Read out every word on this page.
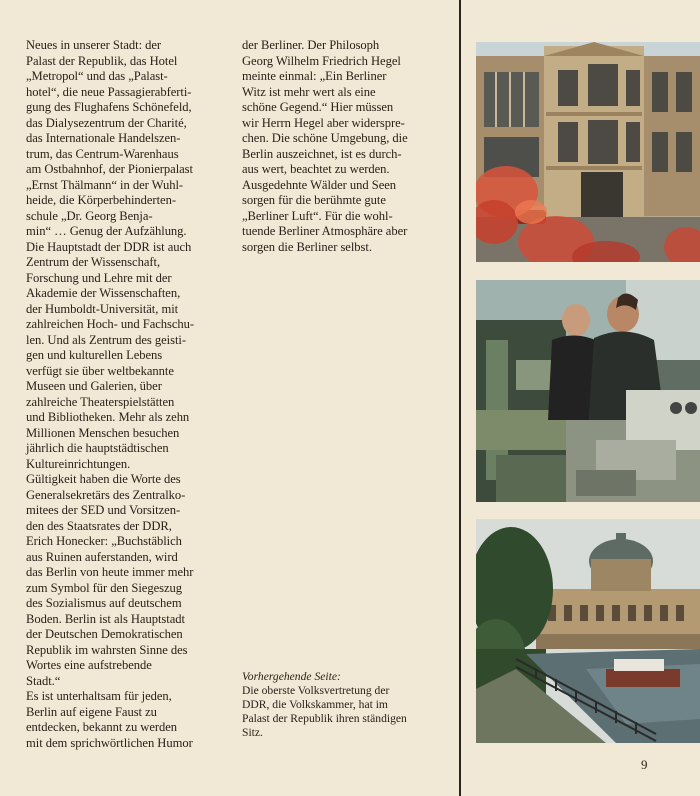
Neues in unserer Stadt: der
Palast der Republik, das Hotel
„Metropol“ und das „Palast-
hotel“, die neue Passagierabferti-
gung des Flughafens Schönefeld,
das Dialysezentrum der Charité,
das Internationale Handelszen-
trum, das Centrum-Warenhaus
am Ostbahnhof, der Pionierpalast
„Ernst Thälmann“ in der Wuhl-
heide, die Körperbehinderten-
schule „Dr. Georg Benja-
min“ … Genug der Aufzählung.
Die Hauptstadt der DDR ist auch
Zentrum der Wissenschaft,
Forschung und Lehre mit der
Akademie der Wissenschaften,
der Humboldt-Universität, mit
zahlreichen Hoch- und Fachschu-
len. Und als Zentrum des geisti-
gen und kulturellen Lebens
verfügt sie über weltbekannte
Museen und Galerien, über
zahlreiche Theaterspielstätten
und Bibliotheken. Mehr als zehn
Millionen Menschen besuchen
jährlich die hauptstädtischen
Kultureinrichtungen.
Gültigkeit haben die Worte des
Generalsekretärs des Zentralko-
mitees der SED und Vorsitzen-
den des Staatsrates der DDR,
Erich Honecker: „Buchstäblich
aus Ruinen auferstanden, wird
das Berlin von heute immer mehr
zum Symbol für den Siegeszug
des Sozialismus auf deutschem
Boden. Berlin ist als Hauptstadt
der Deutschen Demokratischen
Republik im wahrsten Sinne des
Wortes eine aufstrebende
Stadt.“
Es ist unterhaltsam für jeden,
Berlin auf eigene Faust zu
entdecken, bekannt zu werden
mit dem sprichwörtlichen Humor
der Berliner. Der Philosoph
Georg Wilhelm Friedrich Hegel
meinte einmal: „Ein Berliner
Witz ist mehr wert als eine
schöne Gegend.“ Hier müssen
wir Herrn Hegel aber widerspre-
chen. Die schöne Umgebung, die
Berlin auszeichnet, ist es durch-
aus wert, beachtet zu werden.
Ausgedehnte Wälder und Seen
sorgen für die berühmte gute
„Berliner Luft“. Für die wohl-
tuende Berliner Atmosphäre aber
sorgen die Berliner selbst.
Vorhergehende Seite:
Die oberste Volksvertretung der
DDR, die Volkskammer, hat im
Palast der Republik ihren ständigen
Sitz.
9
